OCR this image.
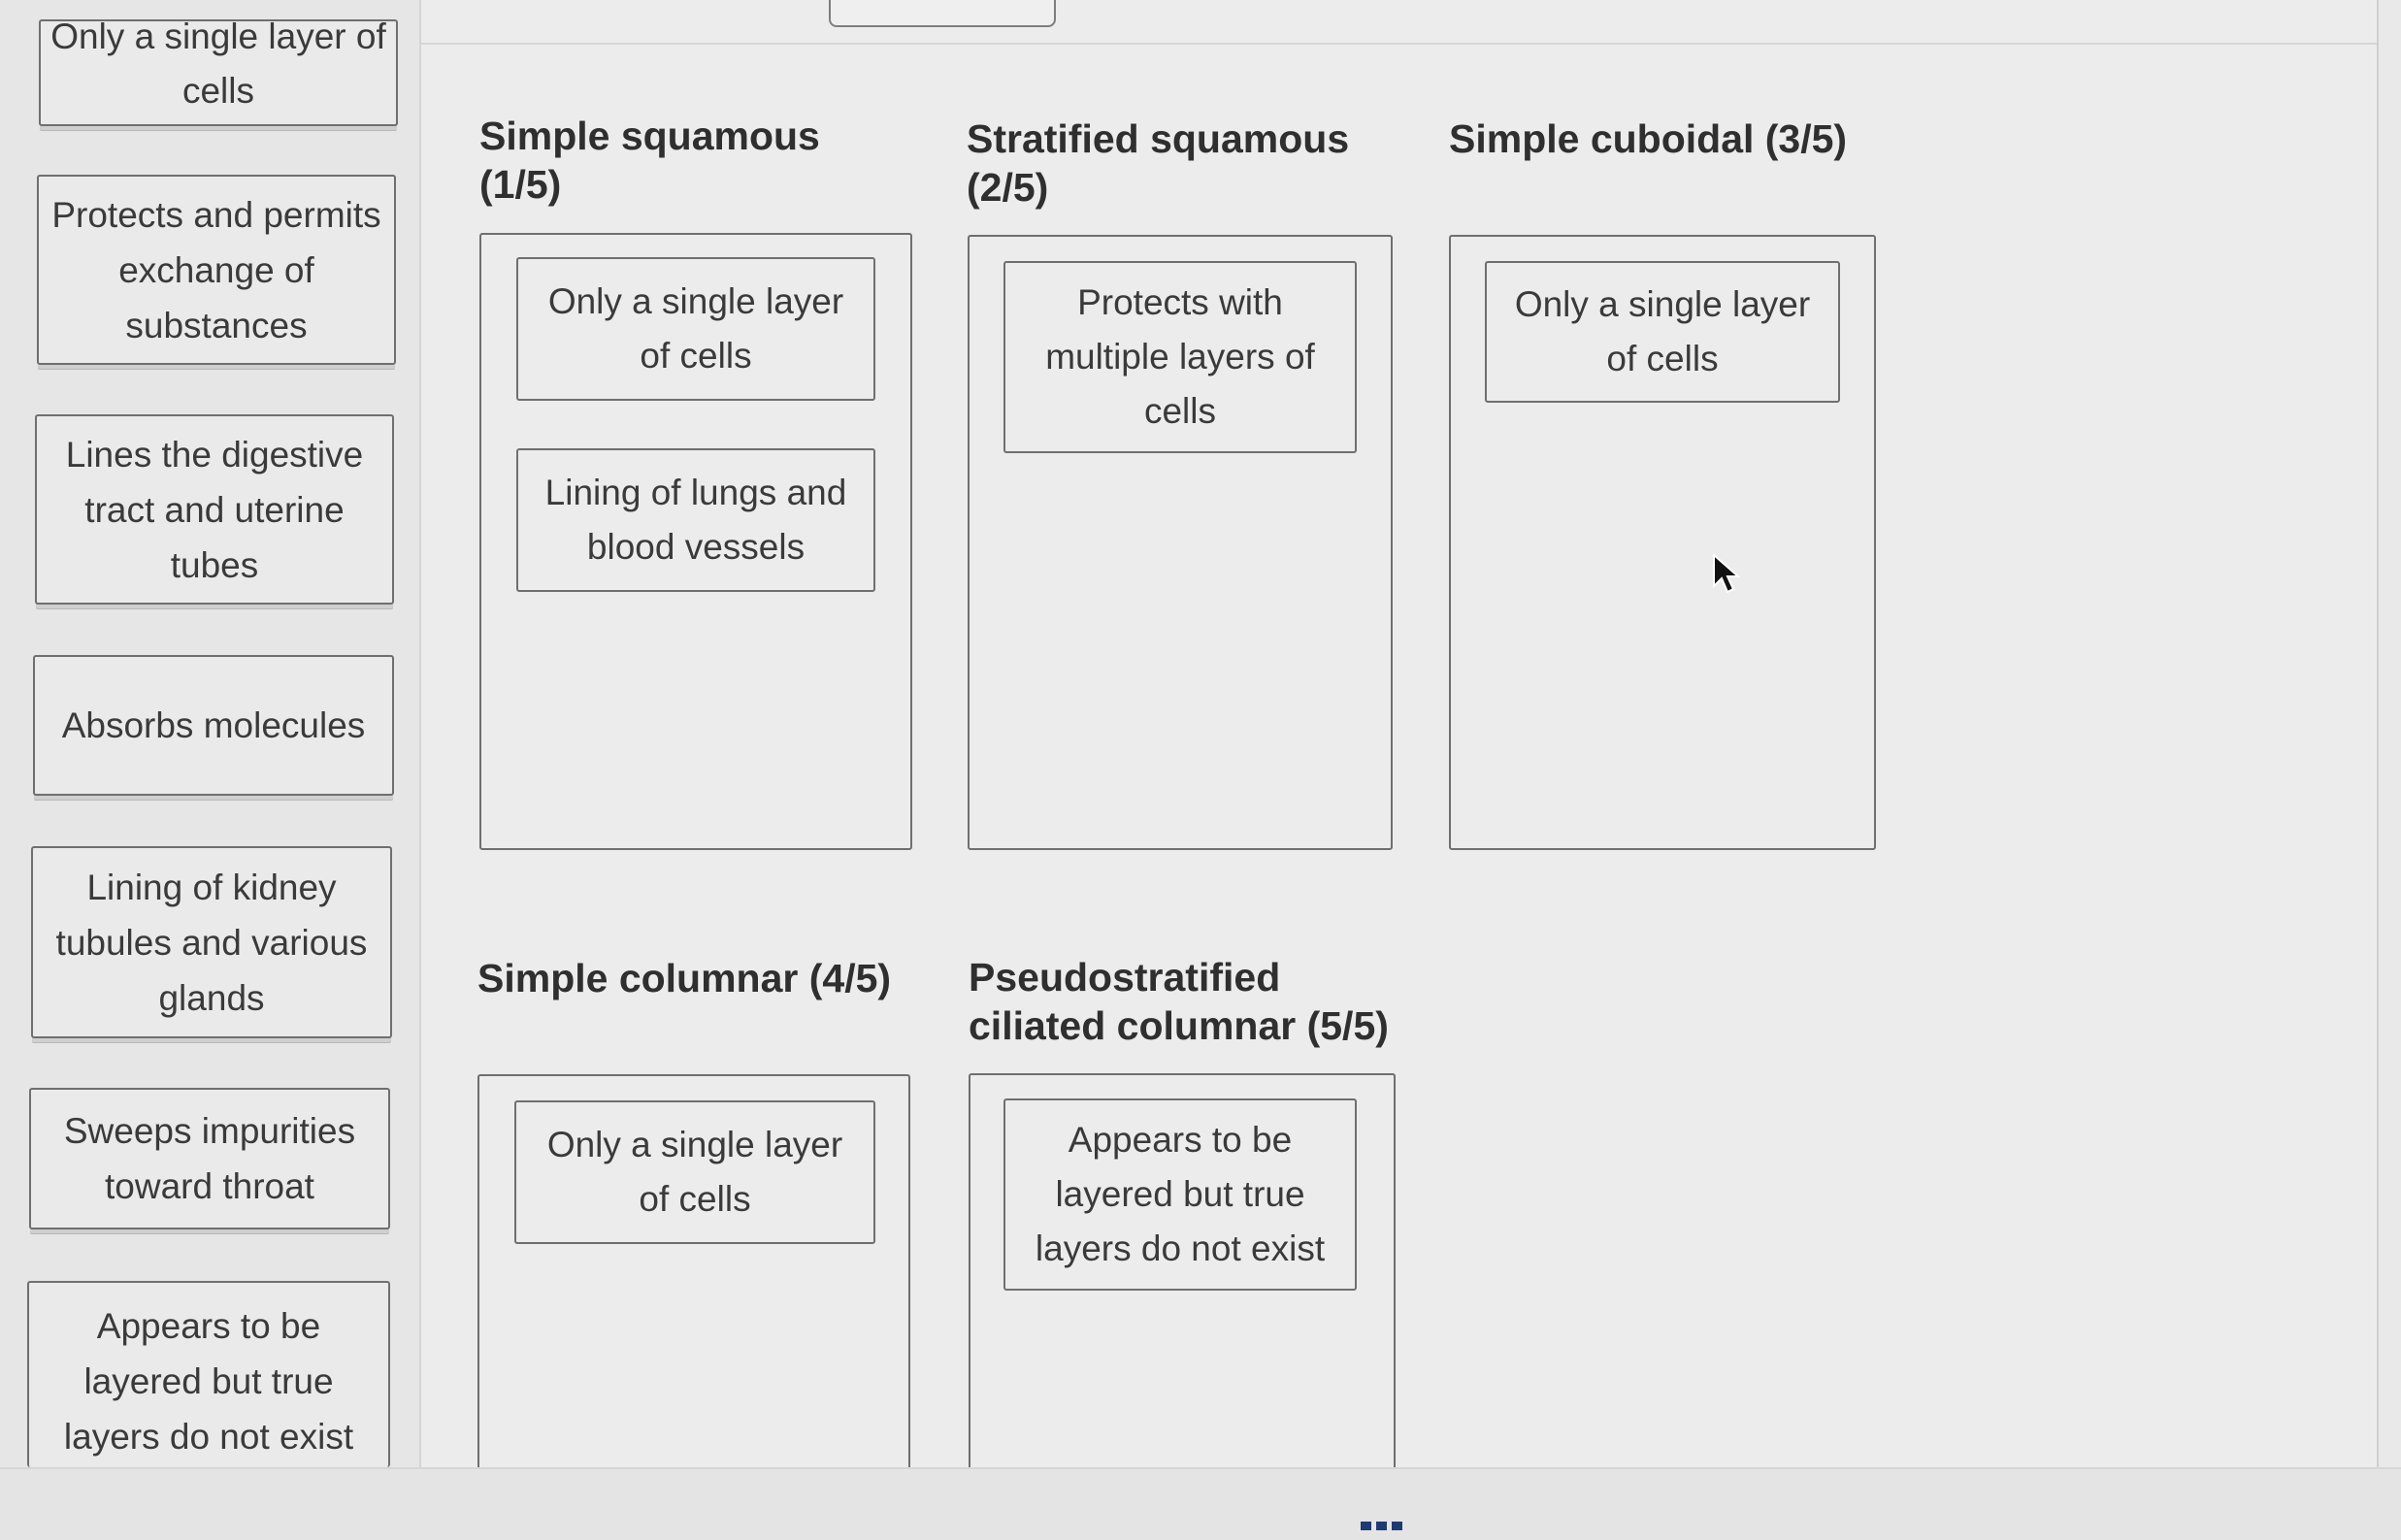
Only a single layer of cells
Protects and permits exchange of substances
Lines the digestive tract and uterine tubes
Absorbs molecules
Lining of kidney tubules and various glands
Sweeps impurities toward throat
Appears to be layered but true layers do not exist
Simple squamous (1/5)
Only a single layer of cells
Lining of lungs and blood vessels
Stratified squamous (2/5)
Protects with multiple layers of cells
Simple cuboidal (3/5)
Only a single layer of cells
Simple columnar (4/5)
Only a single layer of cells
Pseudostratified ciliated columnar (5/5)
Appears to be layered but true layers do not exist
